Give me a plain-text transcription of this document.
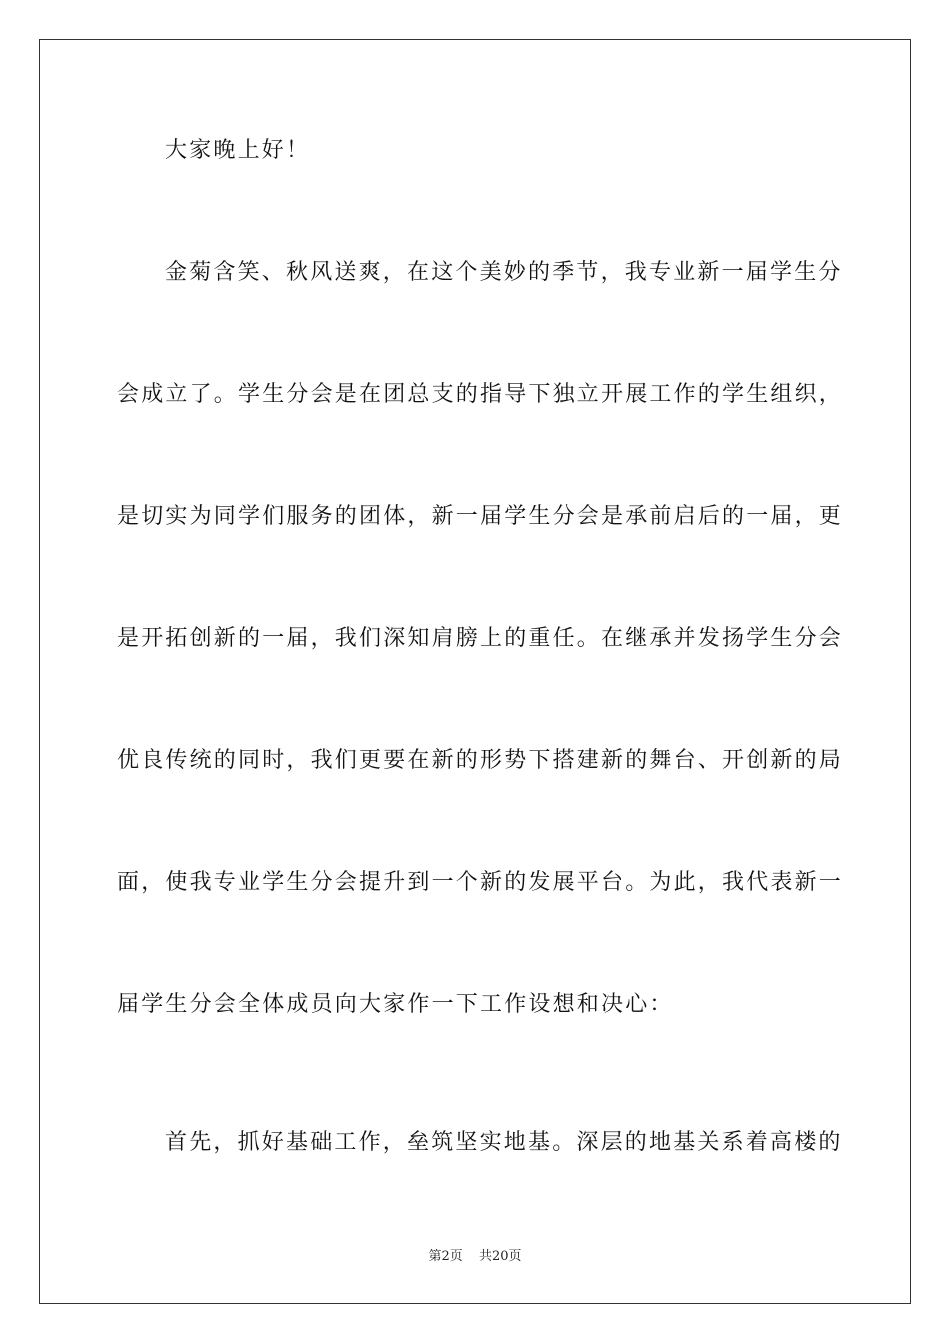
大家晚上好！
金菊含笑、秋风送爽，在这个美妙的季节，我专业新一届学生分
会成立了。学生分会是在团总支的指导下独立开展工作的学生组织，
是切实为同学们服务的团体，新一届学生分会是承前启后的一届，更
是开拓创新的一届，我们深知肩膀上的重任。在继承并发扬学生分会
优良传统的同时，我们更要在新的形势下搭建新的舞台、开创新的局
面，使我专业学生分会提升到一个新的发展平台。为此，我代表新一
届学生分会全体成员向大家作一下工作设想和决心：
首先，抓好基础工作，垒筑坚实地基。深层的地基关系着高楼的
第2页 共20页
